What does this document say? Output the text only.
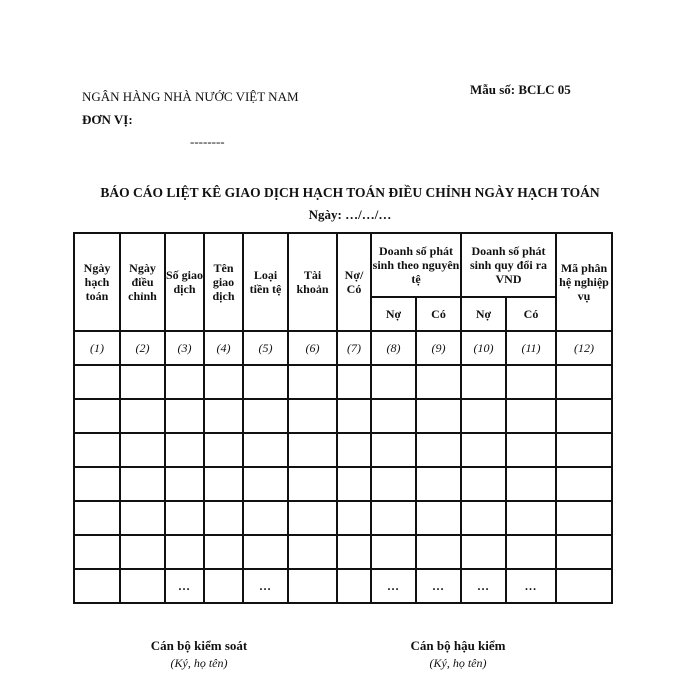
NGÂN HÀNG NHÀ NƯỚC VIỆT NAM
ĐƠN VỊ:
--------
Mẫu số: BCLC 05
BÁO CÁO LIỆT KÊ GIAO DỊCH HẠCH TOÁN ĐIỀU CHỈNH NGÀY HẠCH TOÁN
Ngày: …/…/…
Ngày hạch toán	Ngày điều chỉnh	Số giao dịch	Tên giao dịch	Loại tiền tệ	Tài khoản	Nợ/ Có	Doanh số phát sinh theo nguyên tệ		Doanh số phát sinh quy đổi ra VND		Mã phân hệ nghiệp vụ
							Nợ	Có	Nợ	Có	
(1)	(2)	(3)	(4)	(5)	(6)	(7)	(8)	(9)	(10)	(11)	(12)

		…		…			…	…	…	…	
Cán bộ kiểm soát
(Ký, họ tên)
Cán bộ hậu kiểm
(Ký, họ tên)
